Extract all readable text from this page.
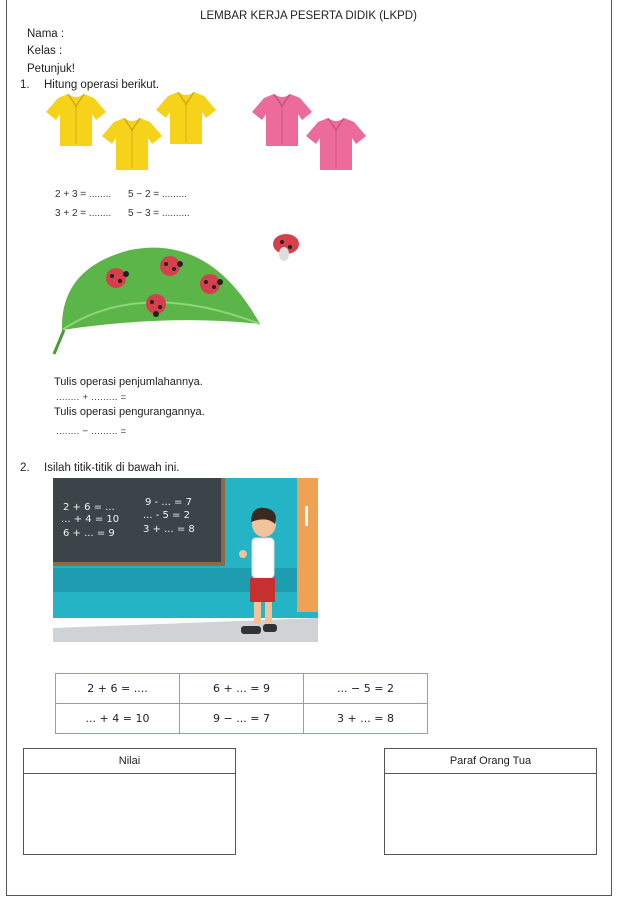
LEMBAR KERJA PESERTA DIDIK (LKPD)
Nama :
Kelas :
Petunjuk!
1. Hitung operasi berikut.
2 + 3 = ........ 5 − 2 = .........
3 + 2 = ........ 5 − 3 = ..........
Tulis operasi penjumlahannya.
........ + ......... =
Tulis operasi pengurangannya.
........ − ......... =
2. Isilah titik-titik di bawah ini.
2 + 6 = ...	9 - ... = 7
... + 4 = 10 ... - 5 = 2
6 + ... = 9	3 + ... = 8
2 + 6 = ....	6 + ... = 9	... − 5 = 2
... + 4 = 10	9 − ... = 7	3 + ... = 8
Nilai	Paraf Orang Tua
